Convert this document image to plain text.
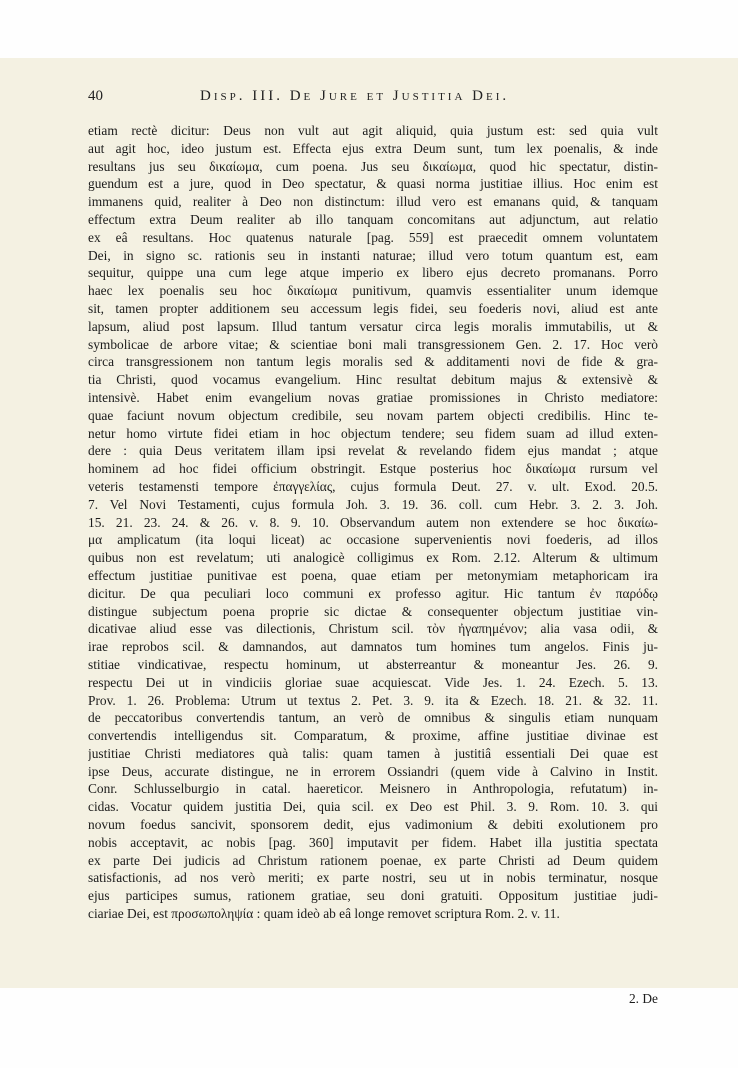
40	Disp. III. De Jure et Justitia Dei.
etiam rectè dicitur: Deus non vult aut agit aliquid, quia justum est: sed quia vult
aut agit hoc, ideo justum est. Effecta ejus extra Deum sunt, tum lex poenalis, & inde
resultans jus seu δικαίωμα, cum poena. Jus seu δικαίωμα, quod hic spectatur, distin-
guendum est a jure, quod in Deo spectatur, & quasi norma justitiae illius. Hoc enim est
immanens quid, realiter à Deo non distinctum: illud vero est emanans quid, & tanquam
effectum extra Deum realiter ab illo tanquam concomitans aut adjunctum, aut relatio
ex eâ resultans. Hoc quatenus naturale [pag. 559] est praecedit omnem voluntatem
Dei, in signo sc. rationis seu in instanti naturae; illud vero totum quantum est, eam
sequitur, quippe una cum lege atque imperio ex libero ejus decreto promanans. Porro
haec lex poenalis seu hoc δικαίωμα punitivum, quamvis essentialiter unum idemque
sit, tamen propter additionem seu accessum legis fidei, seu foederis novi, aliud est ante
lapsum, aliud post lapsum. Illud tantum versatur circa legis moralis immutabilis, ut &
symbolicae de arbore vitae; & scientiae boni mali transgressionem Gen. 2. 17. Hoc verò
circa transgressionem non tantum legis moralis sed & additamenti novi de fide & gra-
tia Christi, quod vocamus evangelium. Hinc resultat debitum majus & extensivè &
intensivè. Habet enim evangelium novas gratiae promissiones in Christo mediatore:
quae faciunt novum objectum credibile, seu novam partem objecti credibilis. Hinc te-
netur homo virtute fidei etiam in hoc objectum tendere; seu fidem suam ad illud exten-
dere : quia Deus veritatem illam ipsi revelat & revelando fidem ejus mandat ; atque
hominem ad hoc fidei officium obstringit. Estque posterius hoc δικαίωμα rursum vel
veteris testamensti tempore ἐπαγγελίας, cujus formula Deut. 27. v. ult. Exod. 20.5.
7. Vel Novi Testamenti, cujus formula Joh. 3. 19. 36. coll. cum Hebr. 3. 2. 3. Joh.
15. 21. 23. 24. & 26. v. 8. 9. 10. Observandum autem non extendere se hoc δικαίω-
μα amplicatum (ita loqui liceat) ac occasione supervenientis novi foederis, ad illos
quibus non est revelatum; uti analogicè colligimus ex Rom. 2.12. Alterum & ultimum
effectum justitiae punitivae est poena, quae etiam per metonymiam metaphoricam ira
dicitur. De qua peculiari loco communi ex professo agitur. Hic tantum ἐν παρόδῳ
distingue subjectum poena proprie sic dictae & consequenter objectum justitiae vin-
dicativae aliud esse vas dilectionis, Christum scil. τὸν ἠγαπημένον; alia vasa odii, &
irae reprobos scil. & damnandos, aut damnatos tum homines tum angelos. Finis ju-
stitiae vindicativae, respectu hominum, ut absterreantur & moneantur Jes. 26. 9.
respectu Dei ut in vindiciis gloriae suae acquiescat. Vide Jes. 1. 24. Ezech. 5. 13.
Prov. 1. 26. Problema: Utrum ut textus 2. Pet. 3. 9. ita & Ezech. 18. 21. & 32. 11.
de peccatoribus convertendis tantum, an verò de omnibus & singulis etiam nunquam
convertendis intelligendus sit. Comparatum, & proxime, affine justitiae divinae est
justitiae Christi mediatores quà talis: quam tamen à justitiâ essentiali Dei quae est
ipse Deus, accurate distingue, ne in errorem Ossiandri (quem vide à Calvino in Instit.
Conr. Schlusselburgio in catal. haereticor. Meisnero in Anthropologia, refutatum) in-
cidas. Vocatur quidem justitia Dei, quia scil. ex Deo est Phil. 3. 9. Rom. 10. 3. qui
novum foedus sancivit, sponsorem dedit, ejus vadimonium & debiti exolutionem pro
nobis acceptavit, ac nobis [pag. 360] imputavit per fidem. Habet illa justitia spectata
ex parte Dei judicis ad Christum rationem poenae, ex parte Christi ad Deum quidem
satisfactionis, ad nos verò meriti; ex parte nostri, seu ut in nobis terminatur, nosque
ejus participes sumus, rationem gratiae, seu doni gratuiti. Oppositum justitiae judi-
ciariae Dei, est προσωποληψία : quam ideò ab eâ longe removet scriptura Rom. 2. v. 11.
2. De
